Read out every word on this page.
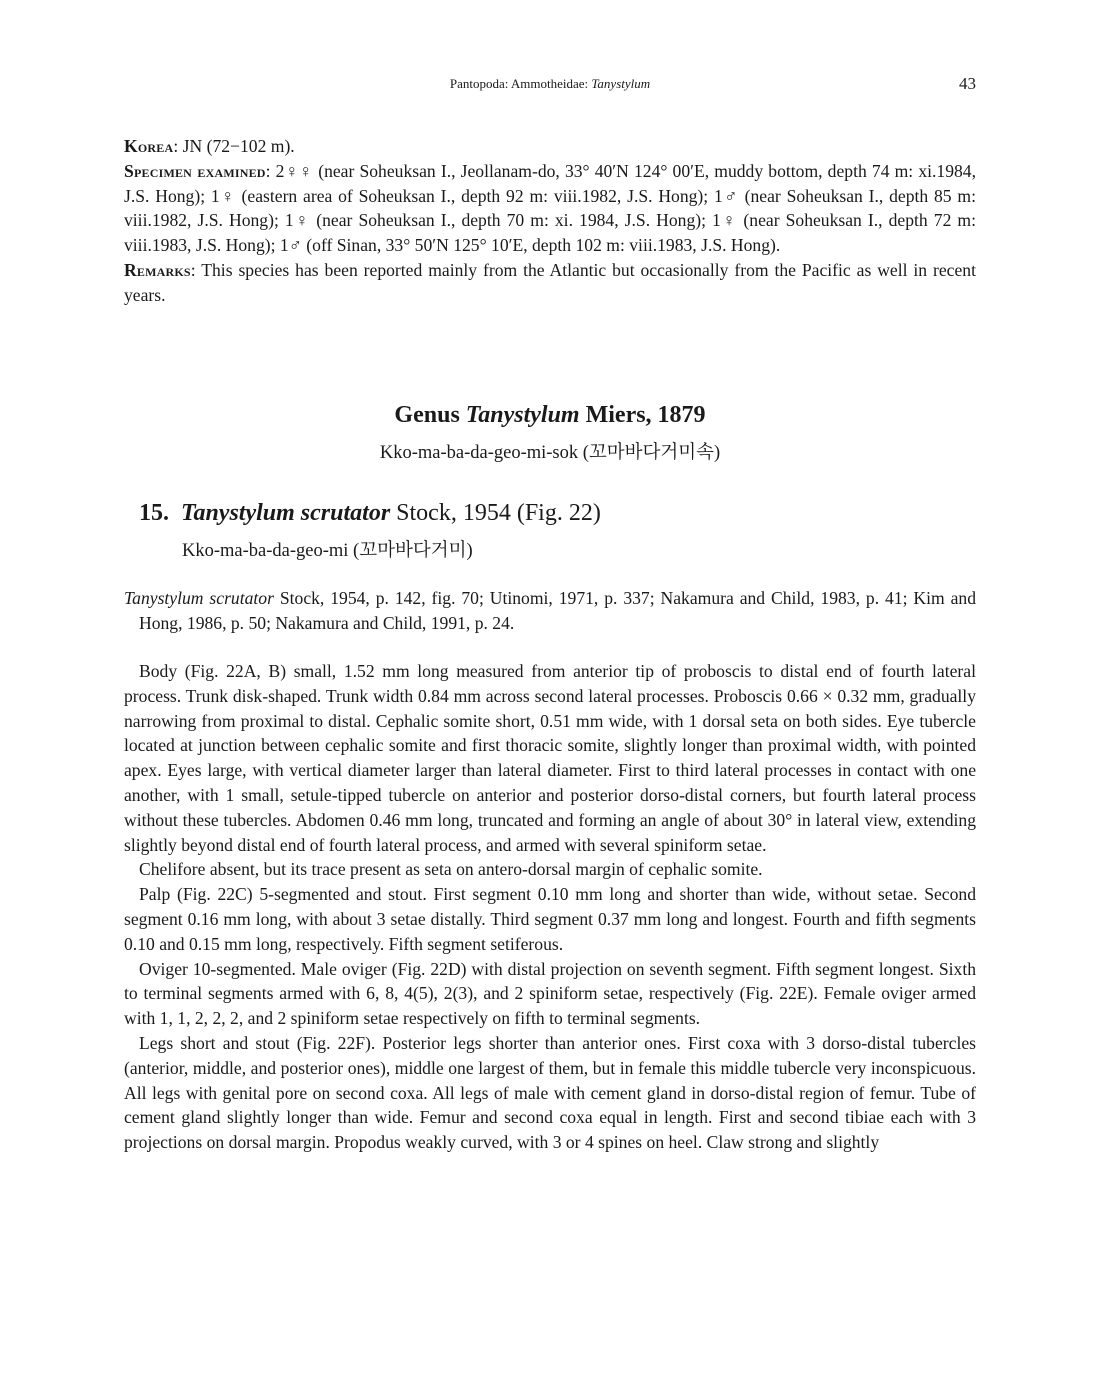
Pantopoda: Ammotheidae: Tanystylum	43

Korea: JN (72−102 m).

Specimen examined: 2♀♀ (near Soheuksan I., Jeollanam-do, 33° 40′N 124° 00′E, muddy bottom, depth 74 m: xi.1984, J.S. Hong); 1♀ (eastern area of Soheuksan I., depth 92 m: viii.1982, J.S. Hong); 1♂ (near Soheuksan I., depth 85 m: viii.1982, J.S. Hong); 1♀ (near Soheuksan I., depth 70 m: xi. 1984, J.S. Hong); 1♀ (near Soheuksan I., depth 72 m: viii.1983, J.S. Hong); 1♂ (off Sinan, 33° 50′N 125° 10′E, depth 102 m: viii.1983, J.S. Hong).

Remarks: This species has been reported mainly from the Atlantic but occasionally from the Pacific as well in recent years.

Genus Tanystylum Miers, 1879
Kko-ma-ba-da-geo-mi-sok (꼬마바다거미속)
15. Tanystylum scrutator Stock, 1954 (Fig. 22)
Kko-ma-ba-da-geo-mi (꼬마바다거미)

Tanystylum scrutator Stock, 1954, p. 142, fig. 70; Utinomi, 1971, p. 337; Nakamura and Child, 1983, p. 41; Kim and Hong, 1986, p. 50; Nakamura and Child, 1991, p. 24.

Body (Fig. 22A, B) small, 1.52 mm long measured from anterior tip of proboscis to distal end of fourth lateral process. Trunk disk-shaped. Trunk width 0.84 mm across second lateral processes. Proboscis 0.66 × 0.32 mm, gradually narrowing from proximal to distal. Cephalic somite short, 0.51 mm wide, with 1 dorsal seta on both sides. Eye tubercle located at junction between cephalic somite and first thoracic somite, slightly longer than proximal width, with pointed apex. Eyes large, with vertical diameter larger than lateral diameter. First to third lateral processes in contact with one another, with 1 small, setule-tipped tubercle on anterior and posterior dorso-distal corners, but fourth lateral process without these tubercles. Abdomen 0.46 mm long, truncated and forming an angle of about 30° in lateral view, extending slightly beyond distal end of fourth lateral process, and armed with several spiniform setae.

Chelifore absent, but its trace present as seta on antero-dorsal margin of cephalic somite.

Palp (Fig. 22C) 5-segmented and stout. First segment 0.10 mm long and shorter than wide, without setae. Second segment 0.16 mm long, with about 3 setae distally. Third segment 0.37 mm long and longest. Fourth and fifth segments 0.10 and 0.15 mm long, respectively. Fifth segment setiferous.

Oviger 10-segmented. Male oviger (Fig. 22D) with distal projection on seventh segment. Fifth segment longest. Sixth to terminal segments armed with 6, 8, 4(5), 2(3), and 2 spiniform setae, respectively (Fig. 22E). Female oviger armed with 1, 1, 2, 2, 2, and 2 spiniform setae respectively on fifth to terminal segments.

Legs short and stout (Fig. 22F). Posterior legs shorter than anterior ones. First coxa with 3 dorso-distal tubercles (anterior, middle, and posterior ones), middle one largest of them, but in female this middle tubercle very inconspicuous. All legs with genital pore on second coxa. All legs of male with cement gland in dorso-distal region of femur. Tube of cement gland slightly longer than wide. Femur and second coxa equal in length. First and second tibiae each with 3 projections on dorsal margin. Propodus weakly curved, with 3 or 4 spines on heel. Claw strong and slightly
